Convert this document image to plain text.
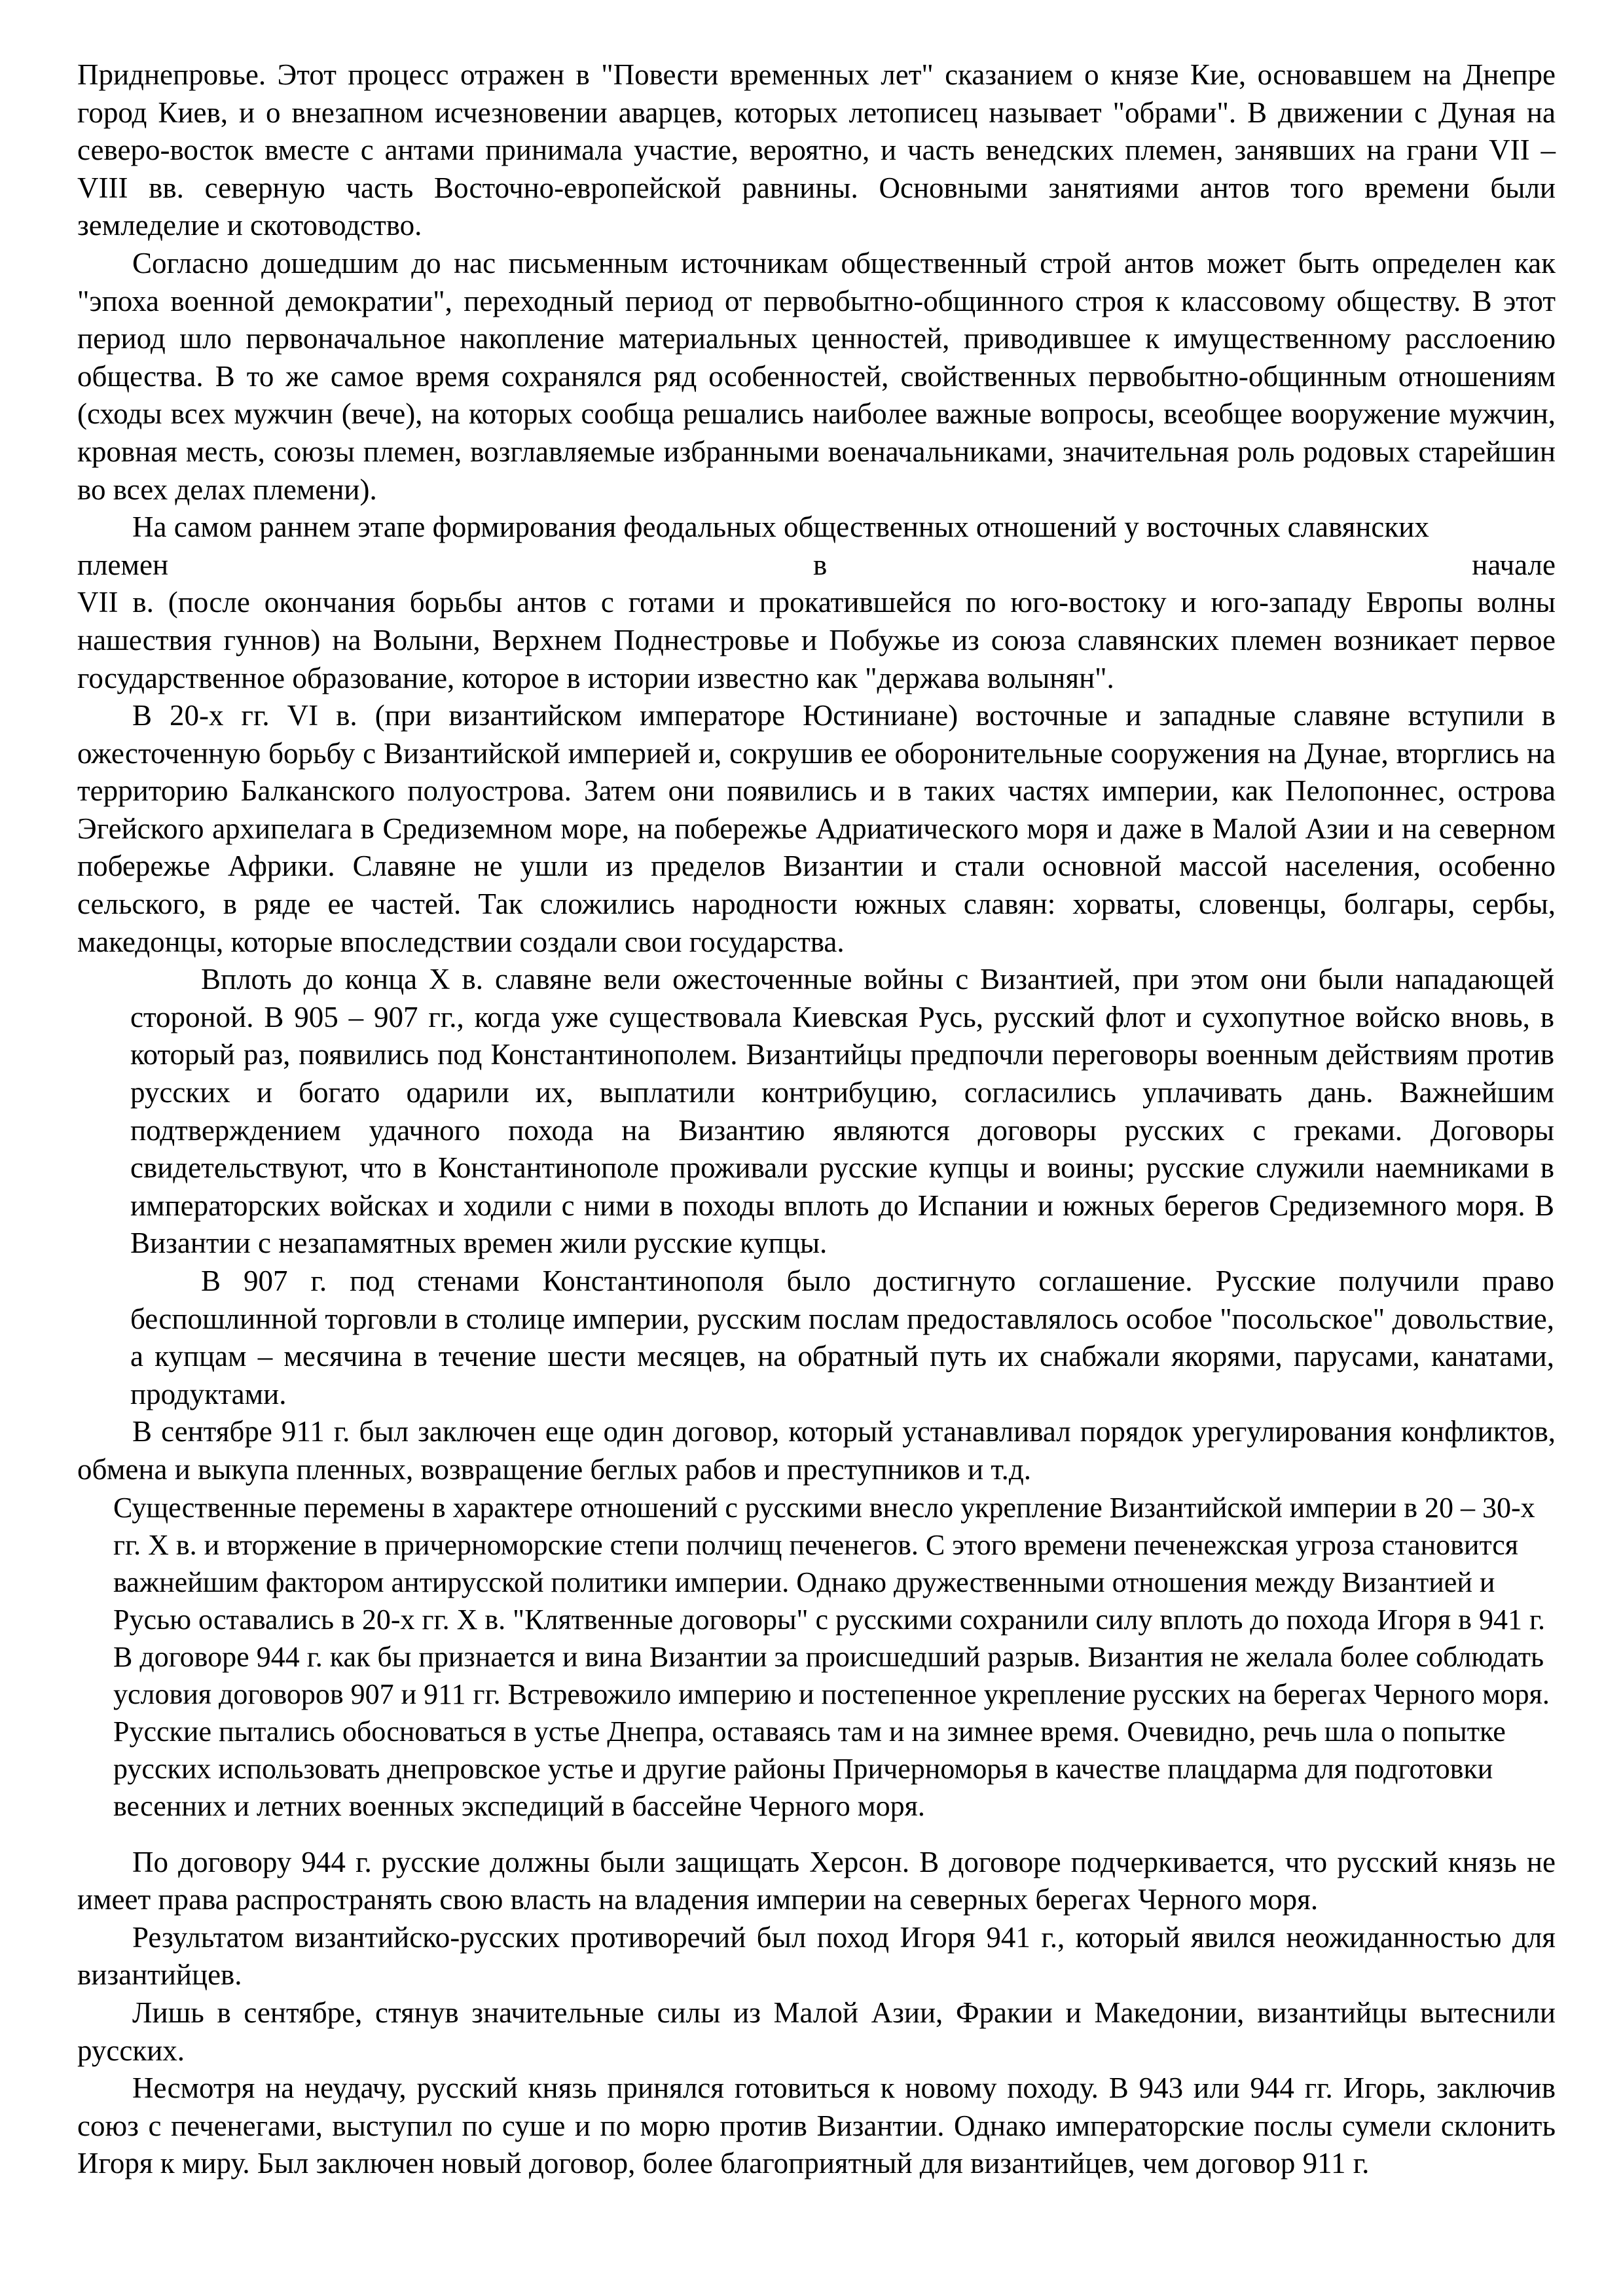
Приднепровье. Этот процесс отражен в "Повести временных лет" сказанием о князе Кие, основавшем на Днепре город Киев, и о внезапном исчезновении аварцев, которых летописец называет "обрами". В движении с Дуная на северо-восток вместе с антами принимала участие, вероятно, и часть венедских племен, занявших на грани VII – VIII вв. северную часть Восточно-европейской равнины. Основными занятиями антов того времени были земледелие и скотоводство.

Согласно дошедшим до нас письменным источникам общественный строй антов может быть определен как "эпоха военной демократии", переходный период от первобытно-общинного строя к классовому обществу. В этот период шло первоначальное накопление материальных ценностей, приводившее к имущественному расслоению общества. В то же самое время сохранялся ряд особенностей, свойственных первобытно-общинным отношениям (сходы всех мужчин (вече), на которых сообща решались наиболее важные вопросы, всеобщее вооружение мужчин, кровная месть, союзы племен, возглавляемые избранными военачальниками, значительная роль родовых старейшин во всех делах племени).

На самом раннем этапе формирования феодальных общественных отношений у восточных славянских

племен	в	начале

VII в. (после окончания борьбы антов с готами и прокатившейся по юго-востоку и юго-западу Европы волны нашествия гуннов) на Волыни, Верхнем Поднестровье и Побужье из союза славянских племен возникает первое государственное образование, которое в истории известно как "держава волынян".

В 20-х гг. VI в. (при византийском императоре Юстиниане) восточные и западные славяне вступили в ожесточенную борьбу с Византийской империей и, сокрушив ее оборонительные сооружения на Дунае, вторглись на территорию Балканского полуострова. Затем они появились и в таких частях империи, как Пелопоннес, острова Эгейского архипелага в Средиземном море, на побережье Адриатического моря и даже в Малой Азии и на северном побережье Африки. Славяне не ушли из пределов Византии и стали основной массой населения, особенно сельского, в ряде ее частей. Так сложились народности южных славян: хорваты, словенцы, болгары, сербы, македонцы, которые впоследствии создали свои государства.

Вплоть до конца X в. славяне вели ожесточенные войны с Византией, при этом они были нападающей стороной. В 905 – 907 гг., когда уже существовала Киевская Русь, русский флот и сухопутное войско вновь, в который раз, появились под Константинополем. Византийцы предпочли переговоры военным действиям против русских и богато одарили их, выплатили контрибуцию, согласились уплачивать дань. Важнейшим подтверждением удачного похода на Византию являются договоры русских с греками. Договоры свидетельствуют, что в Константинополе проживали русские купцы и воины; русские служили наемниками в императорских войсках и ходили с ними в походы вплоть до Испании и южных берегов Средиземного моря. В Византии с незапамятных времен жили русские купцы.

В 907 г. под стенами Константинополя было достигнуто соглашение. Русские получили право беспошлинной торговли в столице империи, русским послам предоставлялось особое "посольское" довольствие, а купцам – месячина в течение шести месяцев, на обратный путь их снабжали якорями, парусами, канатами, продуктами.

В сентябре 911 г. был заключен еще один договор, который устанавливал порядок урегулирования конфликтов, обмена и выкупа пленных, возвращение беглых рабов и преступников и т.д.

Существенные перемены в характере отношений с русскими внесло укрепление Византийской империи в 20 – 30-х гг. X в. и вторжение в причерноморские степи полчищ печенегов. С этого времени печенежская угроза становится важнейшим фактором антирусской политики империи. Однако дружественными отношения между Византией и Русью оставались в 20-х гг. X в. "Клятвенные договоры" с русскими сохранили силу вплоть до похода Игоря в 941 г. В договоре 944 г. как бы признается и вина Византии за происшедший разрыв. Византия не желала более соблюдать условия договоров 907 и 911 гг. Встревожило империю и постепенное укрепление русских на берегах Черного моря. Русские пытались обосноваться в устье Днепра, оставаясь там и на зимнее время. Очевидно, речь шла о попытке русских использовать днепровское устье и другие районы Причерноморья в качестве плацдарма для подготовки весенних и летних военных экспедиций в бассейне Черного моря.

По договору 944 г. русские должны были защищать Херсон. В договоре подчеркивается, что русский князь не имеет права распространять свою власть на владения империи на северных берегах Черного моря.

Результатом византийско-русских противоречий был поход Игоря 941 г., который явился неожиданностью для византийцев.

Лишь в сентябре, стянув значительные силы из Малой Азии, Фракии и Македонии, византийцы вытеснили русских.

Несмотря на неудачу, русский князь принялся готовиться к новому походу. В 943 или 944 гг. Игорь, заключив союз с печенегами, выступил по суше и по морю против Византии. Однако императорские послы сумели склонить Игоря к миру. Был заключен новый договор, более благоприятный для византийцев, чем договор 911 г.
